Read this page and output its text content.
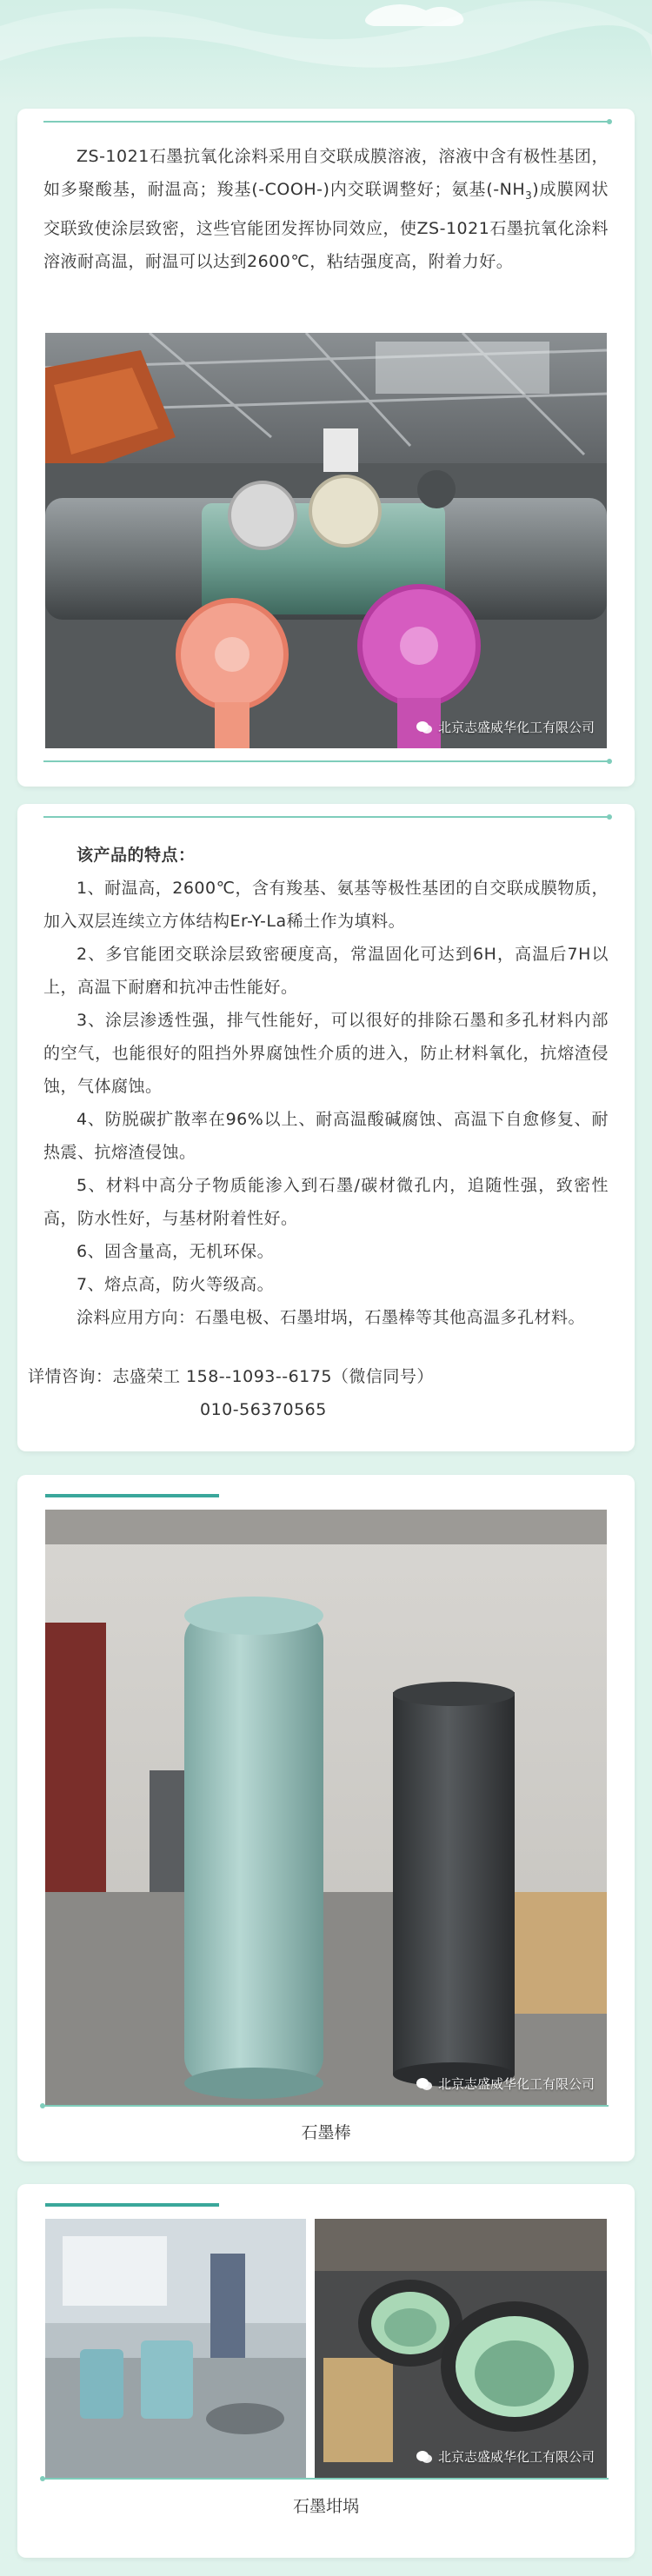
ZS-1021石墨抗氧化涂料采用自交联成膜溶液，溶液中含有极性基团，如多聚酸基，耐温高；羧基(-COOH-)内交联调整好；氨基$(-NH_3)$成膜网状交联致使涂层致密，这些官能团发挥协同效应，使ZS-1021石墨抗氧化涂料溶液耐高温，耐温可以达到2600℃，粘结强度高，附着力好。

北京志盛威华化工有限公司

该产品的特点：

1、耐温高，2600℃，含有羧基、氨基等极性基团的自交联成膜物质，加入双层连续立方体结构Er-Y-La稀土作为填料。

2、多官能团交联涂层致密硬度高，常温固化可达到6H，高温后7H以上，高温下耐磨和抗冲击性能好。

3、涂层渗透性强，排气性能好，可以很好的排除石墨和多孔材料内部的空气，也能很好的阻挡外界腐蚀性介质的进入，防止材料氧化，抗熔渣侵蚀，气体腐蚀。

4、防脱碳扩散率在96%以上、耐高温酸碱腐蚀、高温下自愈修复、耐热震、抗熔渣侵蚀。

5、材料中高分子物质能渗入到石墨/碳材微孔内，追随性强，致密性高，防水性好，与基材附着性好。

6、固含量高，无机环保。

7、熔点高，防火等级高。

涂料应用方向：石墨电极、石墨坩埚，石墨棒等其他高温多孔材料。

详情咨询：志盛荣工 158--1093--6175（微信同号）

010-56370565

北京志盛威华化工有限公司
石墨棒
北京志盛威华化工有限公司
石墨坩埚
